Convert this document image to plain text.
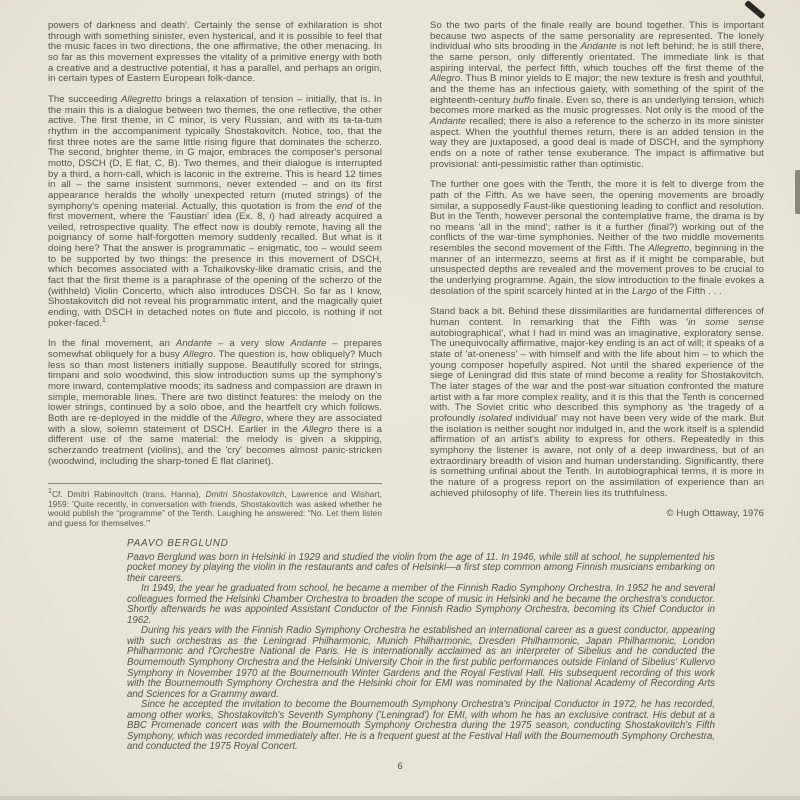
powers of darkness and death'. Certainly the sense of exhilaration is shot through with something sinister, even hysterical, and it is possible to feel that the music faces in two directions, the one affirmative, the other menacing. In so far as this movement expresses the vitality of a primitive energy with both a creative and a destructive potential, it has a parallel, and perhaps an origin, in certain types of Eastern European folk-dance.

The succeeding Allegretto brings a relaxation of tension – initially, that is. In the main this is a dialogue between two themes, the one reflective, the other active. The first theme, in C minor, is very Russian, and with its ta-ta-tum rhythm in the accompaniment typically Shostakovitch. Notice, too, that the first three notes are the same little rising figure that dominates the scherzo. The second, brighter theme, in G major, embraces the composer's personal motto, DSCH (D, E flat, C, B). Two themes, and their dialogue is interrupted by a third, a horn-call, which is laconic in the extreme. This is heard 12 times in all – the same insistent summons, never extended – and on its first appearance heralds the wholly unexpected return (muted strings) of the symphony's opening material. Actually, this quotation is from the end of the first movement, where the 'Faustian' idea (Ex. 8, i) had already acquired a veiled, retrospective quality. The effect now is doubly remote, having all the poignancy of some half-forgotten memory suddenly recalled. But what is it doing here? That the answer is programmatic – enigmatic, too – would seem to be supported by two things: the presence in this movement of DSCH, which becomes associated with a Tchaikovsky-like dramatic crisis, and the fact that the first theme is a paraphrase of the opening of the scherzo of the (withheld) Violin Concerto, which also introduces DSCH. So far as I know, Shostakovitch did not reveal his programmatic intent, and the magically quiet ending, with DSCH in detached notes on flute and piccolo, is nothing if not poker-faced.$^1$

In the final movement, an Andante – a very slow Andante – prepares somewhat obliquely for a busy Allegro. The question is, how obliquely? Much less so than most listeners initially suppose. Beautifully scored for strings, timpani and solo woodwind, this slow introduction sums up the symphony's more inward, contemplative moods; its sadness and compassion are drawn in simple, memorable lines. There are two distinct features: the melody on the lower strings, continued by a solo oboe, and the heartfelt cry which follows. Both are re-deployed in the middle of the Allegro, where they are associated with a slow, solemn statement of DSCH. Earlier in the Allegro there is a different use of the same material: the melody is given a skipping, scherzando treatment (violins), and the 'cry' becomes almost panic-stricken (woodwind, including the sharp-toned E flat clarinet).

$^1$Cf. Dmitri Rabinovitch (trans. Hanna), Dmitri Shostakovitch, Lawrence and Wishart, 1959: 'Quite recently, in conversation with friends, Shostakovitch was asked whether he would publish the “programme” of the Tenth. Laughing he answered: “No. Let them listen and guess for themselves.”'

So the two parts of the finale really are bound together. This is important because two aspects of the same personality are represented. The lonely individual who sits brooding in the Andante is not left behind; he is still there, the same person, only differently orientated. The immediate link is that aspiring interval, the perfect fifth, which touches off the first theme of the Allegro. Thus B minor yields to E major; the new texture is fresh and youthful, and the theme has an infectious gaiety, with something of the spirit of the eighteenth-century buffo finale. Even so, there is an underlying tension, which becomes more marked as the music progresses. Not only is the mood of the Andante recalled; there is also a reference to the scherzo in its more sinister aspect. When the youthful themes return, there is an added tension in the way they are juxtaposed, a good deal is made of DSCH, and the symphony ends on a note of rather tense exuberance. The impact is affirmative but provisional: anti-pessimistic rather than optimistic.

The further one goes with the Tenth, the more it is felt to diverge from the path of the Fifth. As we have seen, the opening movements are broadly similar, a supposedly Faust-like questioning leading to conflict and resolution. But in the Tenth, however personal the contemplative frame, the drama is by no means 'all in the mind'; rather is it a further (final?) working out of the conflicts of the war-time symphonies. Neither of the two middle movements resembles the second movement of the Fifth. The Allegretto, beginning in the manner of an intermezzo, seems at first as if it might be comparable, but unsuspected depths are revealed and the movement proves to be crucial to the underlying programme. Again, the slow introduction to the finale evokes a desolation of the spirit scarcely hinted at in the Largo of the Fifth . . .

Stand back a bit. Behind these dissimilarities are fundamental differences of human content. In remarking that the Fifth was 'in some sense autobiographical', what I had in mind was an imaginative, exploratory sense. The unequivocally affirmative, major-key ending is an act of will; it speaks of a state of 'at-oneness' – with himself and with the life about him – to which the young composer hopefully aspired. Not until the shared experience of the siege of Leningrad did this state of mind become a reality for Shostakovitch. The later stages of the war and the post-war situation confronted the mature artist with a far more complex reality, and it is this that the Tenth is concerned with. The Soviet critic who described this symphony as 'the tragedy of a profoundly isolated individual' may not have been very wide of the mark. But the isolation is neither sought nor indulged in, and the work itself is a splendid affirmation of an artist's ability to express for others. Repeatedly in this symphony the listener is aware, not only of a deep inwardness, but of an extraordinary breadth of vision and human understanding. Significantly, there is something unfinal about the Tenth. In autobiographical terms, it is more in the nature of a progress report on the assimilation of experience than an achieved philosophy of life. Therein lies its truthfulness.

© Hugh Ottaway, 1976

PAAVO BERGLUND

Paavo Berglund was born in Helsinki in 1929 and studied the violin from the age of 11. In 1946, while still at school, he supplemented his pocket money by playing the violin in the restaurants and cafes of Helsinki—a first step common among Finnish musicians embarking on their careers.

In 1949, the year he graduated from school, he became a member of the Finnish Radio Symphony Orchestra. In 1952 he and several colleagues formed the Helsinki Chamber Orchestra to broaden the scope of music in Helsinki and he became the orchestra's conductor. Shortly afterwards he was appointed Assistant Conductor of the Finnish Radio Symphony Orchestra, becoming its Chief Conductor in 1962.

During his years with the Finnish Radio Symphony Orchestra he established an international career as a guest conductor, appearing with such orchestras as the Leningrad Philharmonic, Munich Philharmonic, Dresden Philharmonic, Japan Philharmonic, London Philharmonic and l'Orchestre National de Paris. He is internationally acclaimed as an interpreter of Sibelius and he conducted the Bournemouth Symphony Orchestra and the Helsinki University Choir in the first public performances outside Finland of Sibelius' Kullervo Symphony in November 1970 at the Bournemouth Winter Gardens and the Royal Festival Hall. His subsequent recording of this work with the Bournemouth Symphony Orchestra and the Helsinki choir for EMI was nominated by the National Academy of Recording Arts and Sciences for a Grammy award.

Since he accepted the invitation to become the Bournemouth Symphony Orchestra's Principal Conductor in 1972, he has recorded, among other works, Shostakovitch's Seventh Symphony ('Leningrad') for EMI, with whom he has an exclusive contract. His debut at a BBC Promenade concert was with the Bournemouth Symphony Orchestra during the 1975 season, conducting Shostakovitch's Fifth Symphony, which was recorded immediately after. He is a frequent guest at the Festival Hall with the Bournemouth Symphony Orchestra, and conducted the 1975 Royal Concert.

6
